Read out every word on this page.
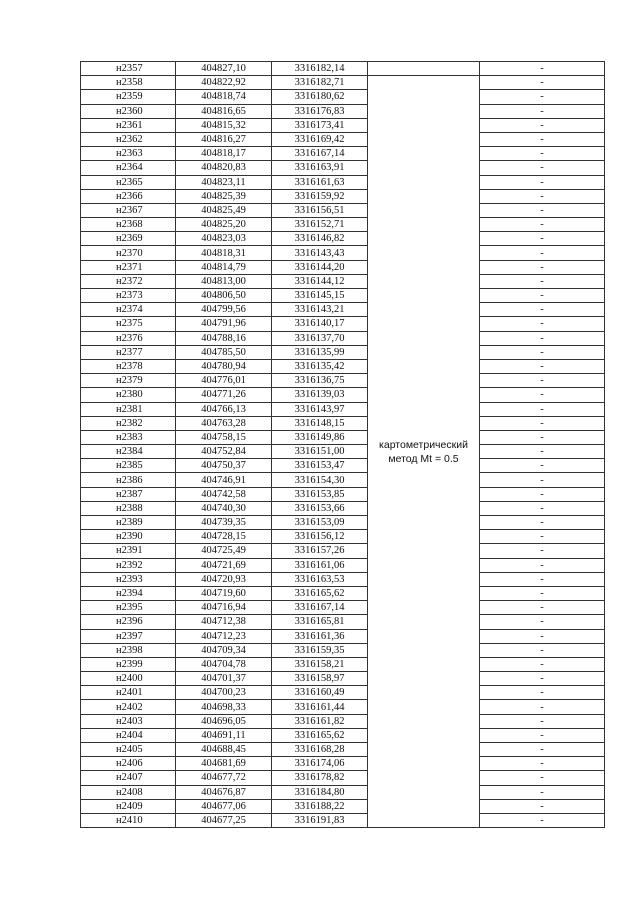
н2357	404827,10	3316182,14		-
н2358	404822,92	3316182,71	картометрический метод Mt = 0.5	-
н2359	404818,74	3316180,62		-
н2360	404816,65	3316176,83		-
н2361	404815,32	3316173,41		-
н2362	404816,27	3316169,42		-
н2363	404818,17	3316167,14		-
н2364	404820,83	3316163,91		-
н2365	404823,11	3316161,63		-
н2366	404825,39	3316159,92		-
н2367	404825,49	3316156,51		-
н2368	404825,20	3316152,71		-
н2369	404823,03	3316146,82		-
н2370	404818,31	3316143,43		-
н2371	404814,79	3316144,20		-
н2372	404813,00	3316144,12		-
н2373	404806,50	3316145,15		-
н2374	404799,56	3316143,21		-
н2375	404791,96	3316140,17		-
н2376	404788,16	3316137,70		-
н2377	404785,50	3316135,99		-
н2378	404780,94	3316135,42		-
н2379	404776,01	3316136,75		-
н2380	404771,26	3316139,03		-
н2381	404766,13	3316143,97		-
н2382	404763,28	3316148,15		-
н2383	404758,15	3316149,86		-
н2384	404752,84	3316151,00		-
н2385	404750,37	3316153,47		-
н2386	404746,91	3316154,30		-
н2387	404742,58	3316153,85		-
н2388	404740,30	3316153,66		-
н2389	404739,35	3316153,09		-
н2390	404728,15	3316156,12		-
н2391	404725,49	3316157,26		-
н2392	404721,69	3316161,06		-
н2393	404720,93	3316163,53		-
н2394	404719,60	3316165,62		-
н2395	404716,94	3316167,14		-
н2396	404712,38	3316165,81		-
н2397	404712,23	3316161,36		-
н2398	404709,34	3316159,35		-
н2399	404704,78	3316158,21		-
н2400	404701,37	3316158,97		-
н2401	404700,23	3316160,49		-
н2402	404698,33	3316161,44		-
н2403	404696,05	3316161,82		-
н2404	404691,11	3316165,62		-
н2405	404688,45	3316168,28		-
н2406	404681,69	3316174,06		-
н2407	404677,72	3316178,82		-
н2408	404676,87	3316184,80		-
н2409	404677,06	3316188,22		-
н2410	404677,25	3316191,83		-
